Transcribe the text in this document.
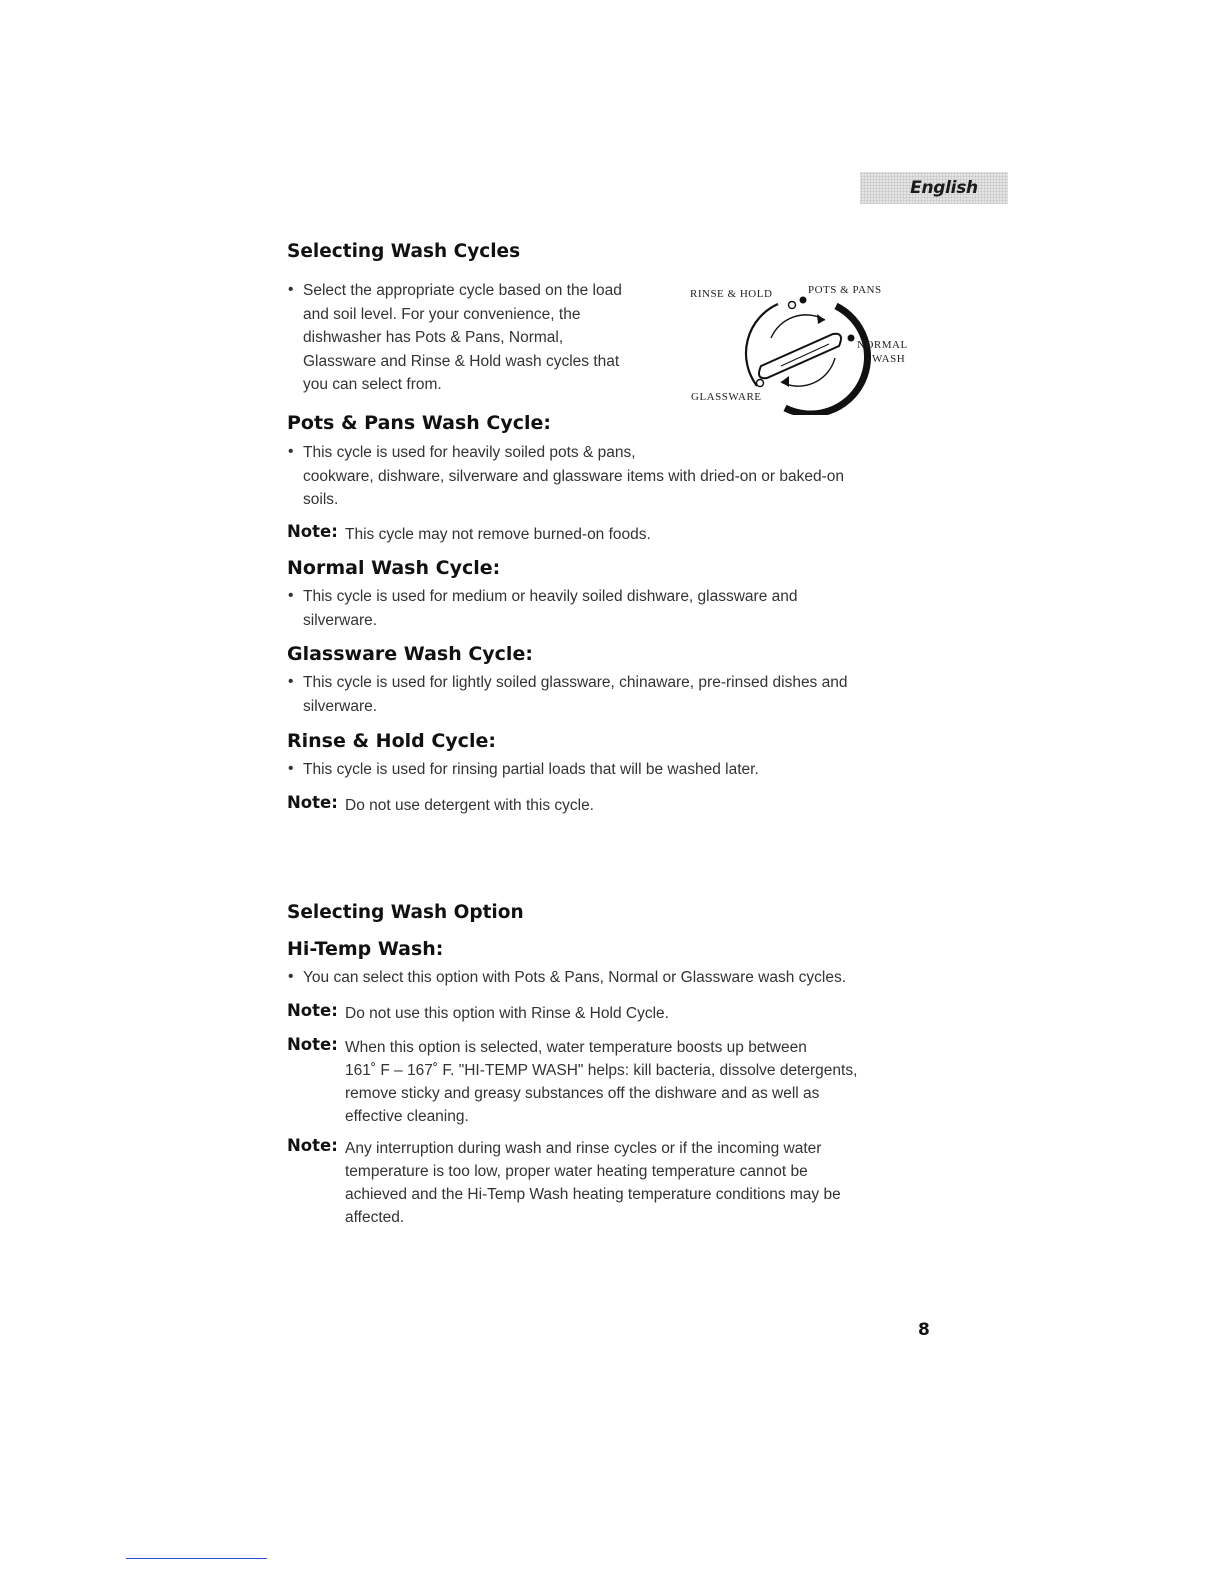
English
Selecting Wash Cycles
• Select the appropriate cycle based on the load
and soil level. For your convenience, the
dishwasher has Pots & Pans, Normal,
Glassware and Rinse & Hold wash cycles that
you can select from.
RINSE & HOLD	POTS & PANS
NORMAL
WASH
GLASSWARE
Pots & Pans Wash Cycle:
• This cycle is used for heavily soiled pots & pans,
cookware, dishware, silverware and glassware items with dried-on or baked-on
soils.
Note: This cycle may not remove burned-on foods.
Normal Wash Cycle:
• This cycle is used for medium or heavily soiled dishware, glassware and
silverware.
Glassware Wash Cycle:
• This cycle is used for lightly soiled glassware, chinaware, pre-rinsed dishes and
silverware.
Rinse & Hold Cycle:
• This cycle is used for rinsing partial loads that will be washed later.
Note: Do not use detergent with this cycle.
Selecting Wash Option
Hi-Temp Wash:
• You can select this option with Pots & Pans, Normal or Glassware wash cycles.
Note: Do not use this option with Rinse & Hold Cycle.
Note: When this option is selected, water temperature boosts up between
161˚ F – 167˚ F. "HI-TEMP WASH" helps: kill bacteria, dissolve detergents,
remove sticky and greasy substances off the dishware and as well as
effective cleaning.
Note: Any interruption during wash and rinse cycles or if the incoming water
temperature is too low, proper water heating temperature cannot be
achieved and the Hi-Temp Wash heating temperature conditions may be
affected.
8
